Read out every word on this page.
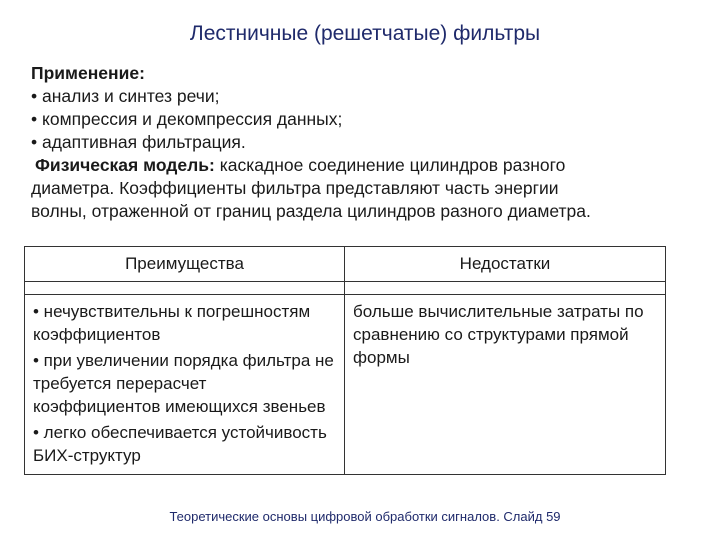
Лестничные (решетчатые) фильтры
Применение:
• анализ и синтез речи;
• компрессия и декомпрессия данных;
• адаптивная фильтрация.
Физическая модель: каскадное соединение цилиндров разного
диаметра. Коэффициенты фильтра представляют часть энергии
волны, отраженной от границ раздела цилиндров разного диаметра.
Преимущества	Недостатки

• нечувствительны к погрешностям коэффициентов
• при увеличении порядка фильтра не требуется перерасчет коэффициентов имеющихся звеньев
• легко обеспечивается устойчивость БИХ-структур	больше вычислительные затраты по сравнению со структурами прямой формы
Теоретические основы цифровой обработки сигналов. Слайд 59
